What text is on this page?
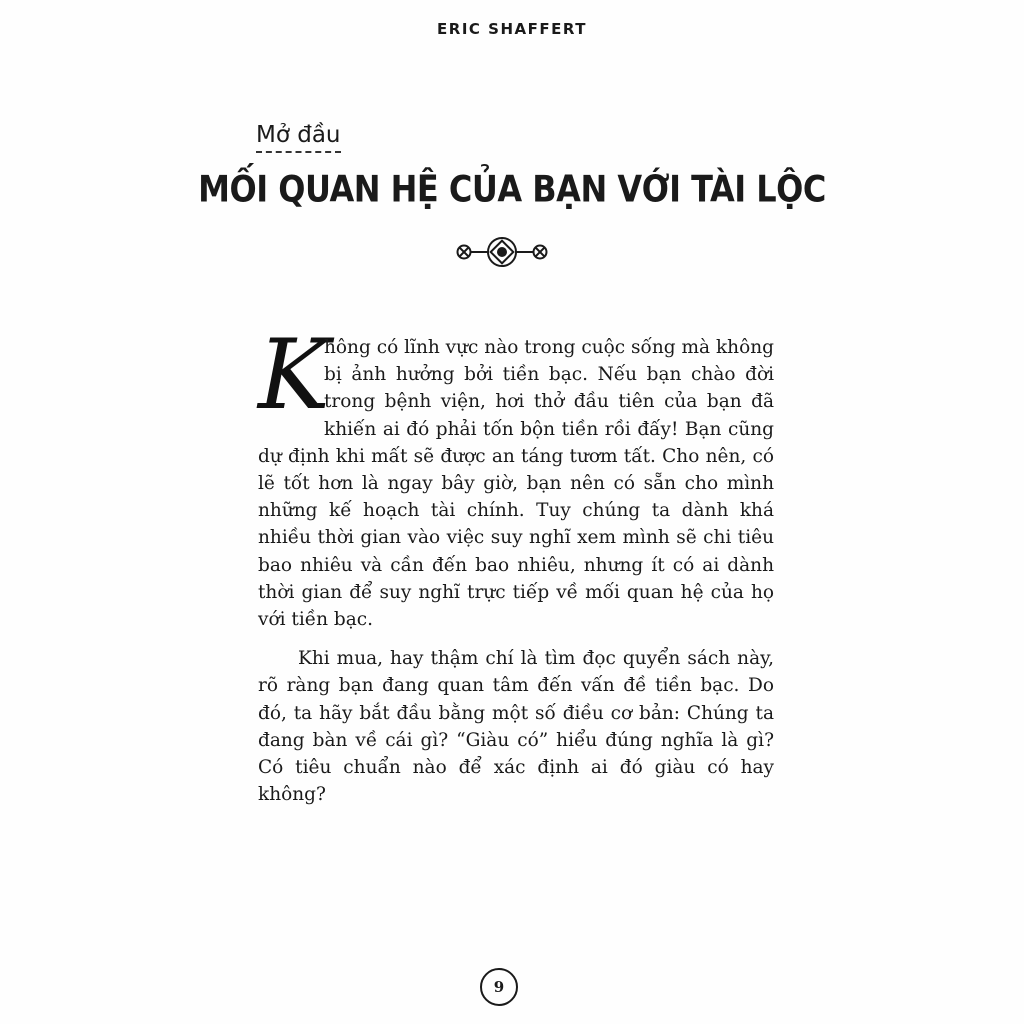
ERIC SHAFFERT
Mở đầu
MỐI QUAN HỆ CỦA BẠN VỚI TÀI LỘC

K
hông có lĩnh vực nào trong cuộc sống mà không bị ảnh hưởng bởi tiền bạc. Nếu bạn chào đời trong bệnh viện, hơi thở đầu tiên của bạn đã khiến ai đó phải tốn bộn tiền rồi đấy! Bạn cũng dự định khi mất sẽ được an táng tươm tất. Cho nên, có lẽ tốt hơn là ngay bây giờ, bạn nên có sẵn cho mình những kế hoạch tài chính. Tuy chúng ta dành khá nhiều thời gian vào việc suy nghĩ xem mình sẽ chi tiêu bao nhiêu và cần đến bao nhiêu, nhưng ít có ai dành thời gian để suy nghĩ trực tiếp về mối quan hệ của họ với tiền bạc.

Khi mua, hay thậm chí là tìm đọc quyển sách này, rõ ràng bạn đang quan tâm đến vấn đề tiền bạc. Do đó, ta hãy bắt đầu bằng một số điều cơ bản: Chúng ta đang bàn về cái gì? “Giàu có” hiểu đúng nghĩa là gì? Có tiêu chuẩn nào để xác định ai đó giàu có hay không?

9
